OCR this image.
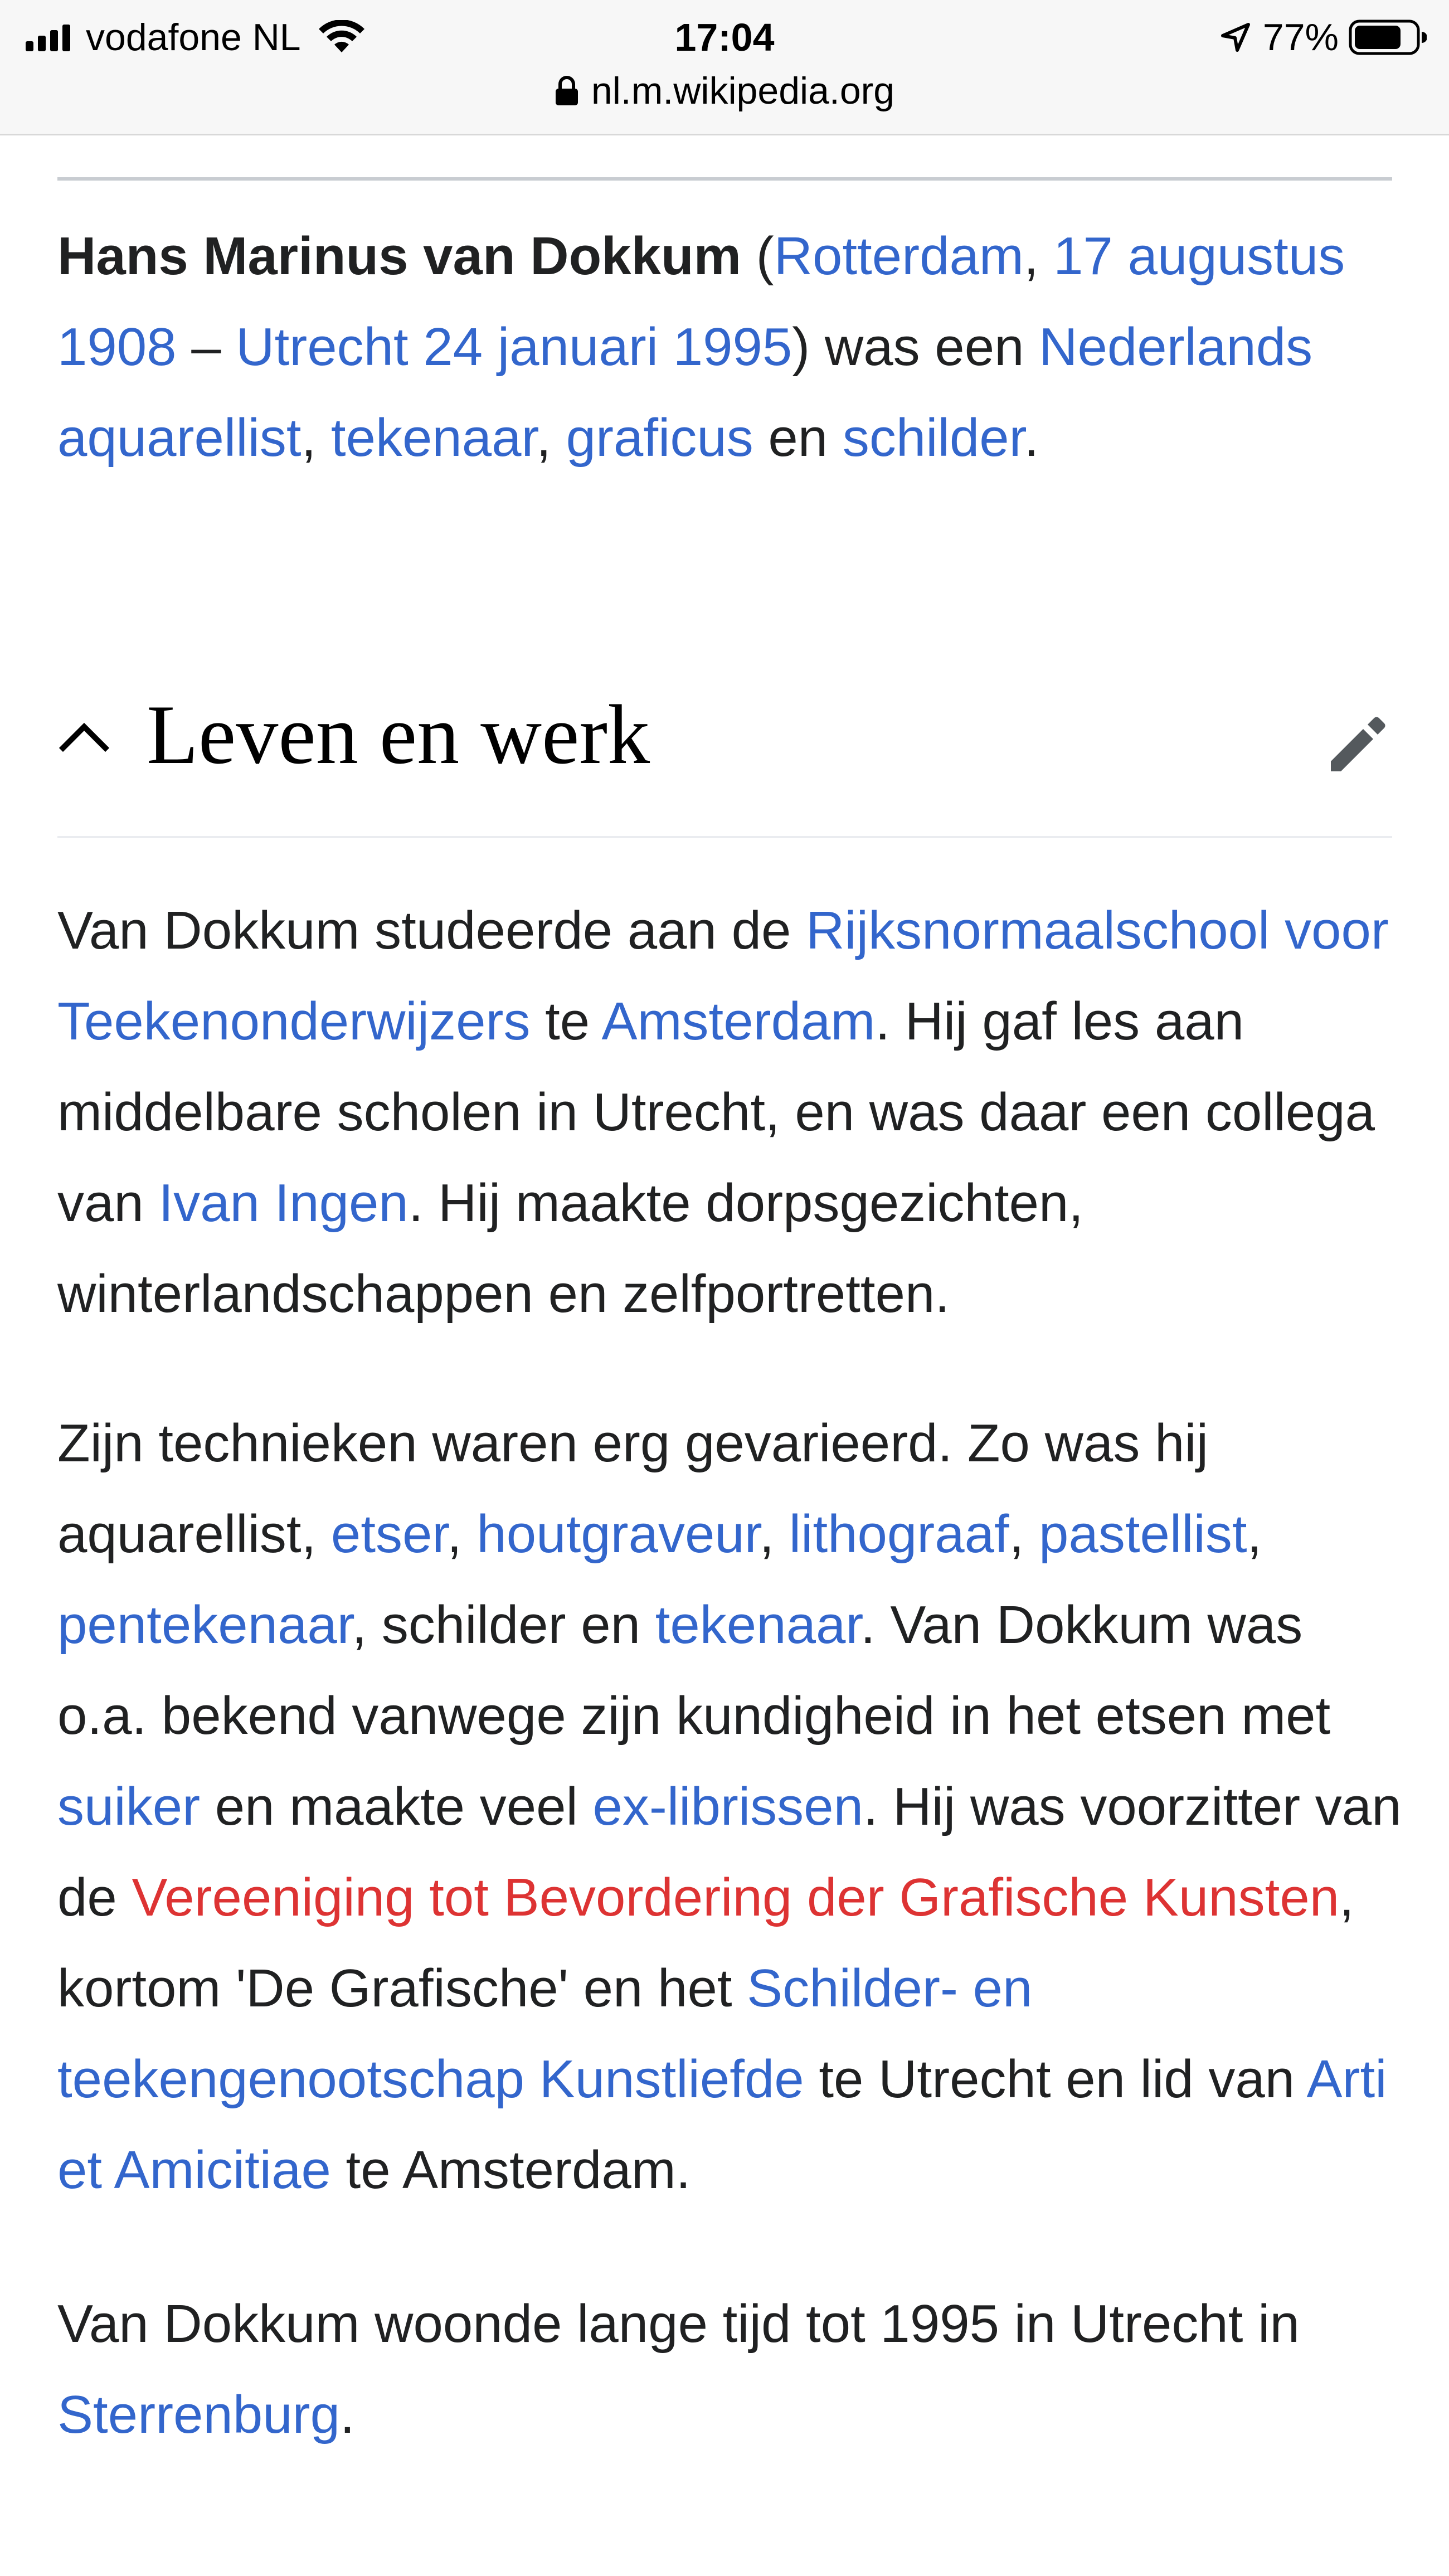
vodafone NL	17:04	77%
nl.m.wikipedia.org

Hans Marinus van Dokkum (Rotterdam, 17 augustus 1908 – Utrecht 24 januari 1995) was een Nederlands aquarellist, tekenaar, graficus en schilder.

Leven en werk

Van Dokkum studeerde aan de Rijksnormaalschool voor Teekenonderwijzers te Amsterdam. Hij gaf les aan middelbare scholen in Utrecht, en was daar een collega van Ivan Ingen. Hij maakte dorpsgezichten, winterlandschappen en zelfportretten.

Zijn technieken waren erg gevarieerd. Zo was hij aquarellist, etser, houtgraveur, lithograaf, pastellist, pentekenaar, schilder en tekenaar. Van Dokkum was o.a. bekend vanwege zijn kundigheid in het etsen met suiker en maakte veel ex-librissen. Hij was voorzitter van de Vereeniging tot Bevordering der Grafische Kunsten, kortom 'De Grafische' en het Schilder- en teekengenootschap Kunstliefde te Utrecht en lid van Arti et Amicitiae te Amsterdam.

Van Dokkum woonde lange tijd tot 1995 in Utrecht in Sterrenburg.
